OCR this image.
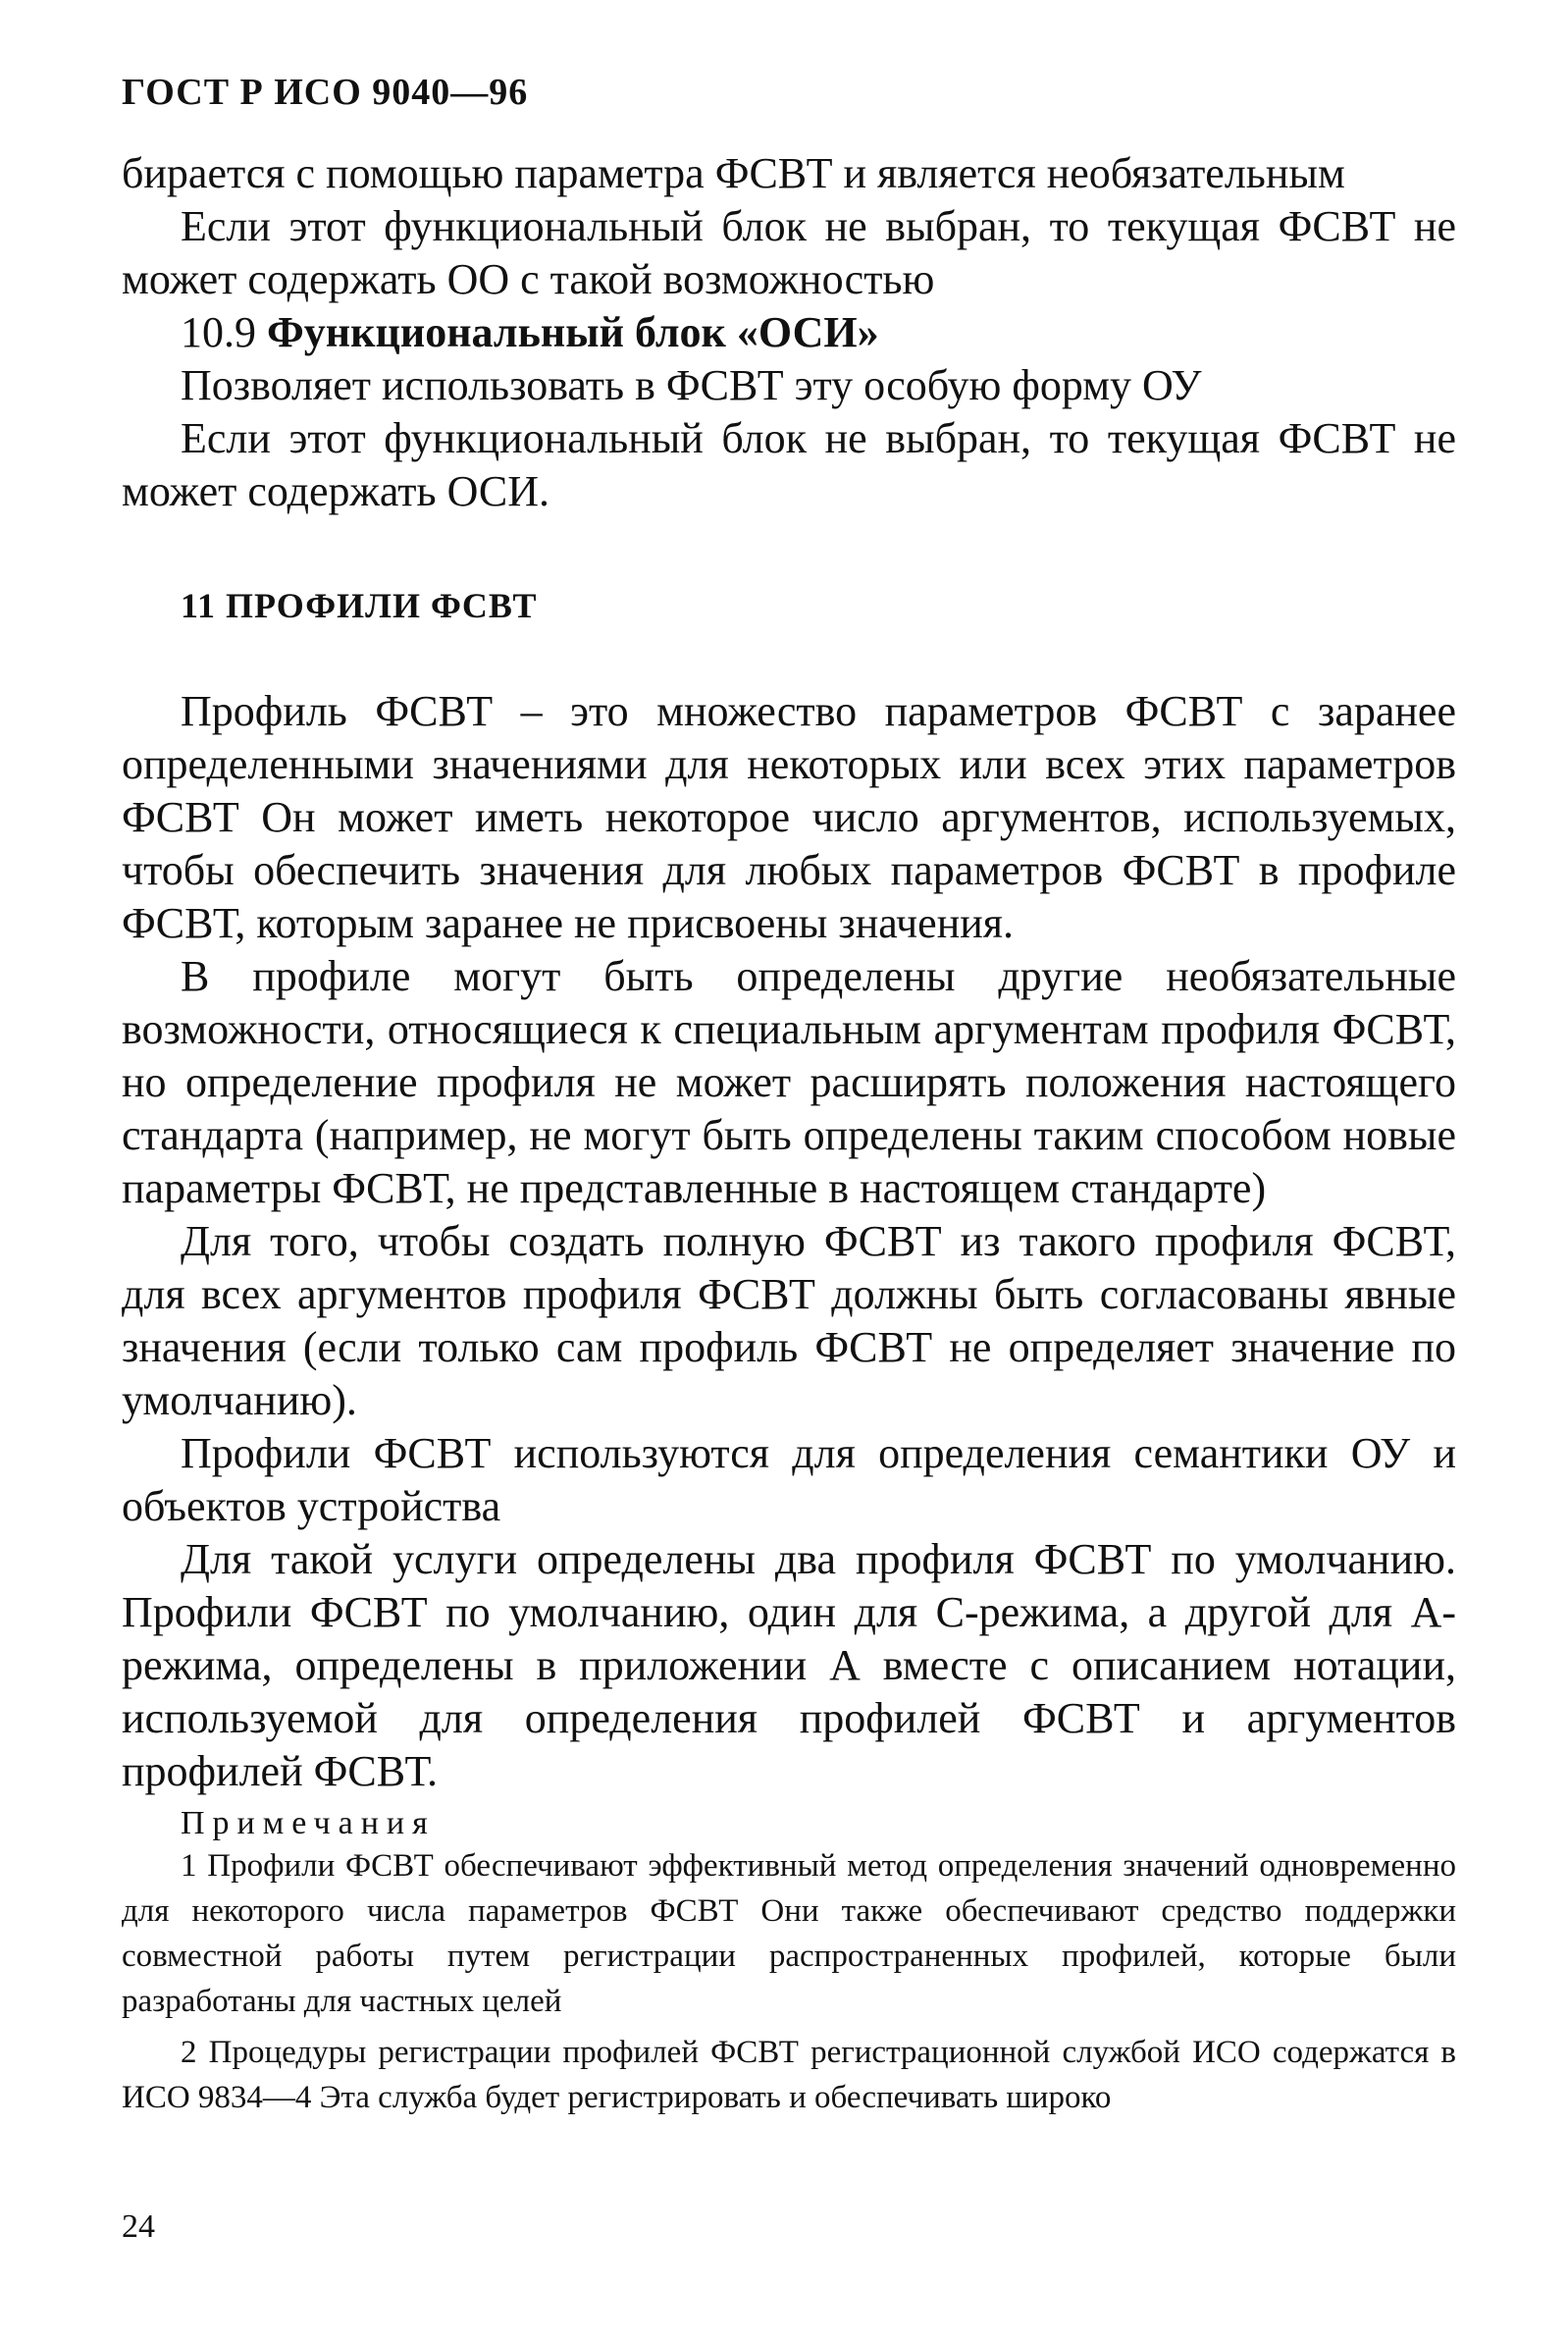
ГОСТ Р ИСО 9040—96

бирается с помощью параметра ФСВТ и является необязательным

Если этот функциональный блок не выбран, то текущая ФСВТ не может содержать ОО с такой возможностью

10.9 Функциональный блок «ОСИ»

Позволяет использовать в ФСВТ эту особую форму ОУ

Если этот функциональный блок не выбран, то текущая ФСВТ не может содержать ОСИ.

11 ПРОФИЛИ ФСВТ

Профиль ФСВТ – это множество параметров ФСВТ с заранее определенными значениями для некоторых или всех этих параметров ФСВТ Он может иметь некоторое число аргументов, используемых, чтобы обеспечить значения для любых параметров ФСВТ в профиле ФСВТ, которым заранее не присвоены значения.

В профиле могут быть определены другие необязательные возможности, относящиеся к специальным аргументам профиля ФСВТ, но определение профиля не может расширять положения настоящего стандарта (например, не могут быть определены таким способом новые параметры ФСВТ, не представленные в настоящем стандарте)

Для того, чтобы создать полную ФСВТ из такого профиля ФСВТ, для всех аргументов профиля ФСВТ должны быть согласованы явные значения (если только сам профиль ФСВТ не определяет значение по умолчанию).

Профили ФСВТ используются для определения семантики ОУ и объектов устройства

Для такой услуги определены два профиля ФСВТ по умолчанию. Профили ФСВТ по умолчанию, один для С-режима, а другой для А-режима, определены в приложении А вместе с описанием нотации, используемой для определения профилей ФСВТ и аргументов профилей ФСВТ.

Примечания

1 Профили ФСВТ обеспечивают эффективный метод определения значений одновременно для некоторого числа параметров ФСВТ Они также обеспечивают средство поддержки совместной работы путем регистрации распространенных профилей, которые были разработаны для частных целей

2 Процедуры регистрации профилей ФСВТ регистрационной службой ИСО содержатся в ИСО 9834—4 Эта служба будет регистрировать и обеспечивать широко

24
